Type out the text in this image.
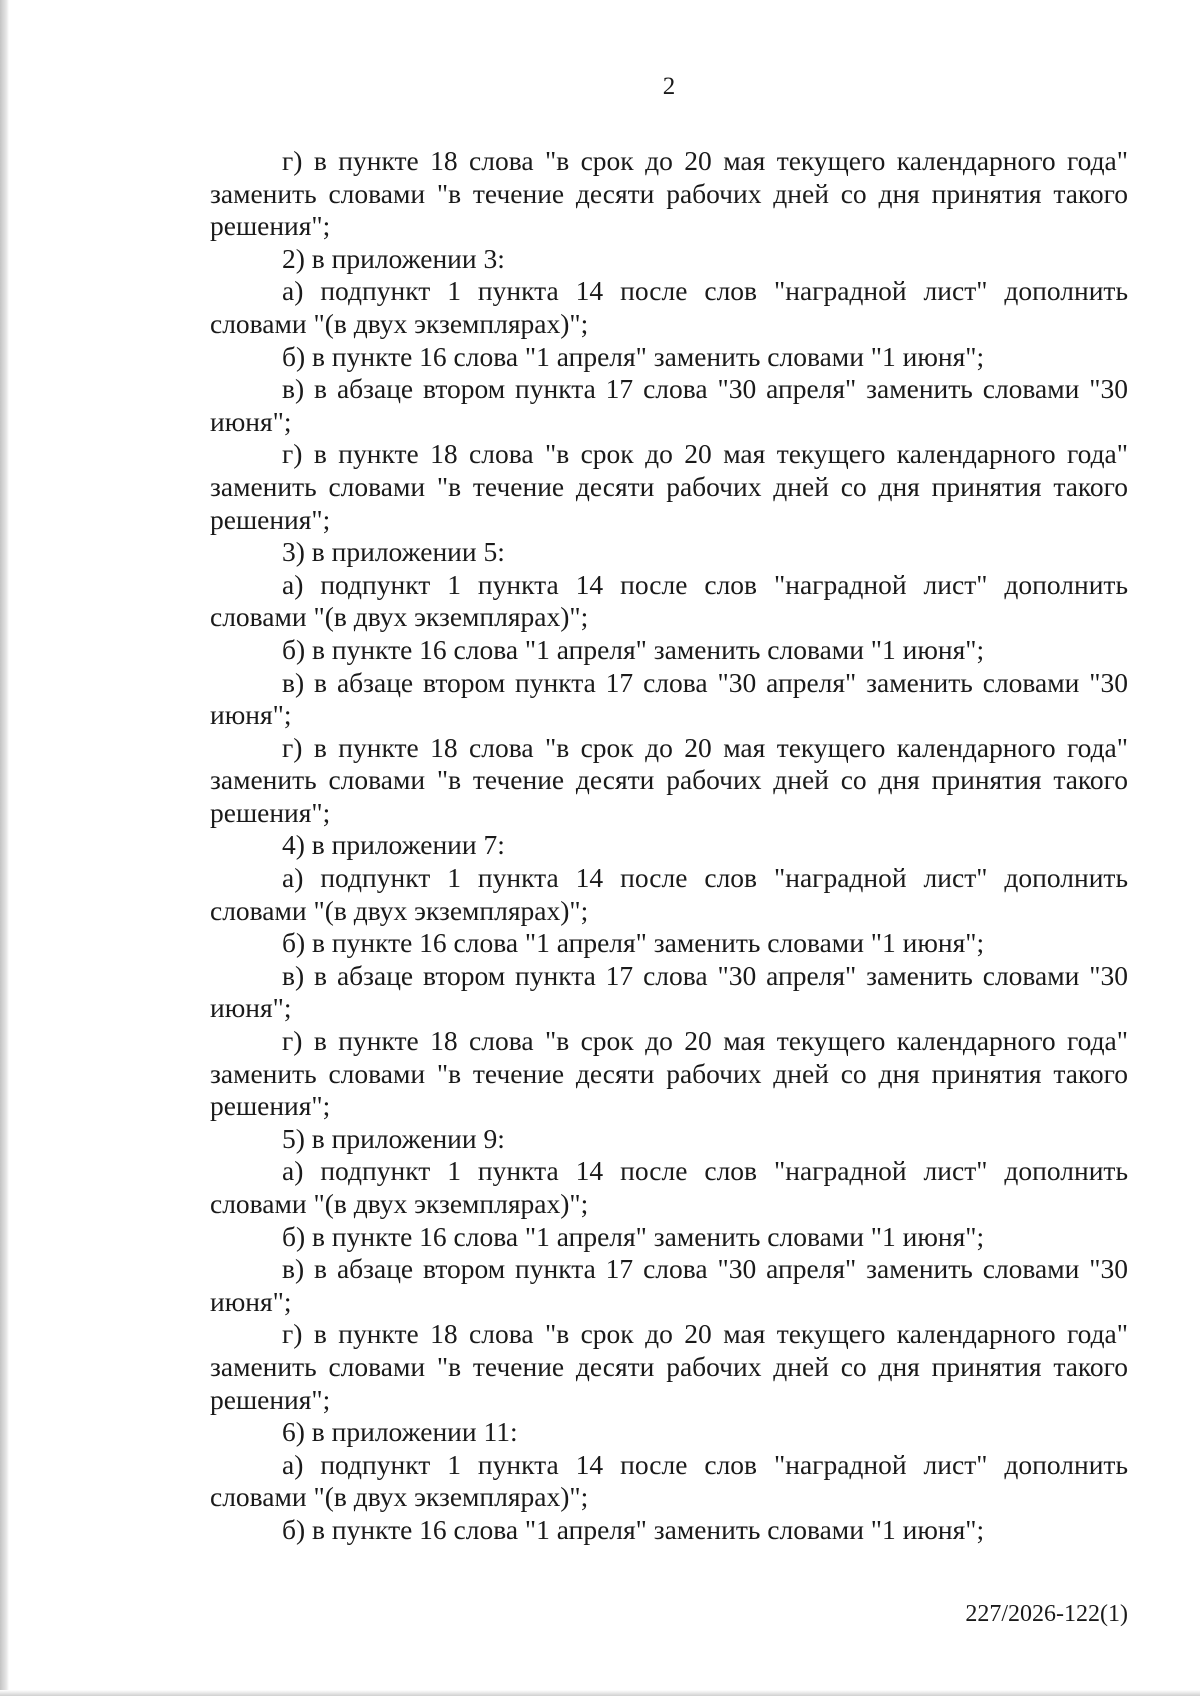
2

г) в пункте 18 слова "в срок до 20 мая текущего календарного года" заменить словами "в течение десяти рабочих дней со дня принятия такого решения";

2) в приложении 3:

а) подпункт 1 пункта 14 после слов "наградной лист" дополнить словами "(в двух экземплярах)";

б) в пункте 16 слова "1 апреля" заменить словами "1 июня";

в) в абзаце втором пункта 17 слова "30 апреля" заменить словами "30 июня";

г) в пункте 18 слова "в срок до 20 мая текущего календарного года" заменить словами "в течение десяти рабочих дней со дня принятия такого решения";

3) в приложении 5:

а) подпункт 1 пункта 14 после слов "наградной лист" дополнить словами "(в двух экземплярах)";

б) в пункте 16 слова "1 апреля" заменить словами "1 июня";

в) в абзаце втором пункта 17 слова "30 апреля" заменить словами "30 июня";

г) в пункте 18 слова "в срок до 20 мая текущего календарного года" заменить словами "в течение десяти рабочих дней со дня принятия такого решения";

4) в приложении 7:

а) подпункт 1 пункта 14 после слов "наградной лист" дополнить словами "(в двух экземплярах)";

б) в пункте 16 слова "1 апреля" заменить словами "1 июня";

в) в абзаце втором пункта 17 слова "30 апреля" заменить словами "30 июня";

г) в пункте 18 слова "в срок до 20 мая текущего календарного года" заменить словами "в течение десяти рабочих дней со дня принятия такого решения";

5) в приложении 9:

а) подпункт 1 пункта 14 после слов "наградной лист" дополнить словами "(в двух экземплярах)";

б) в пункте 16 слова "1 апреля" заменить словами "1 июня";

в) в абзаце втором пункта 17 слова "30 апреля" заменить словами "30 июня";

г) в пункте 18 слова "в срок до 20 мая текущего календарного года" заменить словами "в течение десяти рабочих дней со дня принятия такого решения";

6) в приложении 11:

а) подпункт 1 пункта 14 после слов "наградной лист" дополнить словами "(в двух экземплярах)";

б) в пункте 16 слова "1 апреля" заменить словами "1 июня";

227/2026-122(1)
